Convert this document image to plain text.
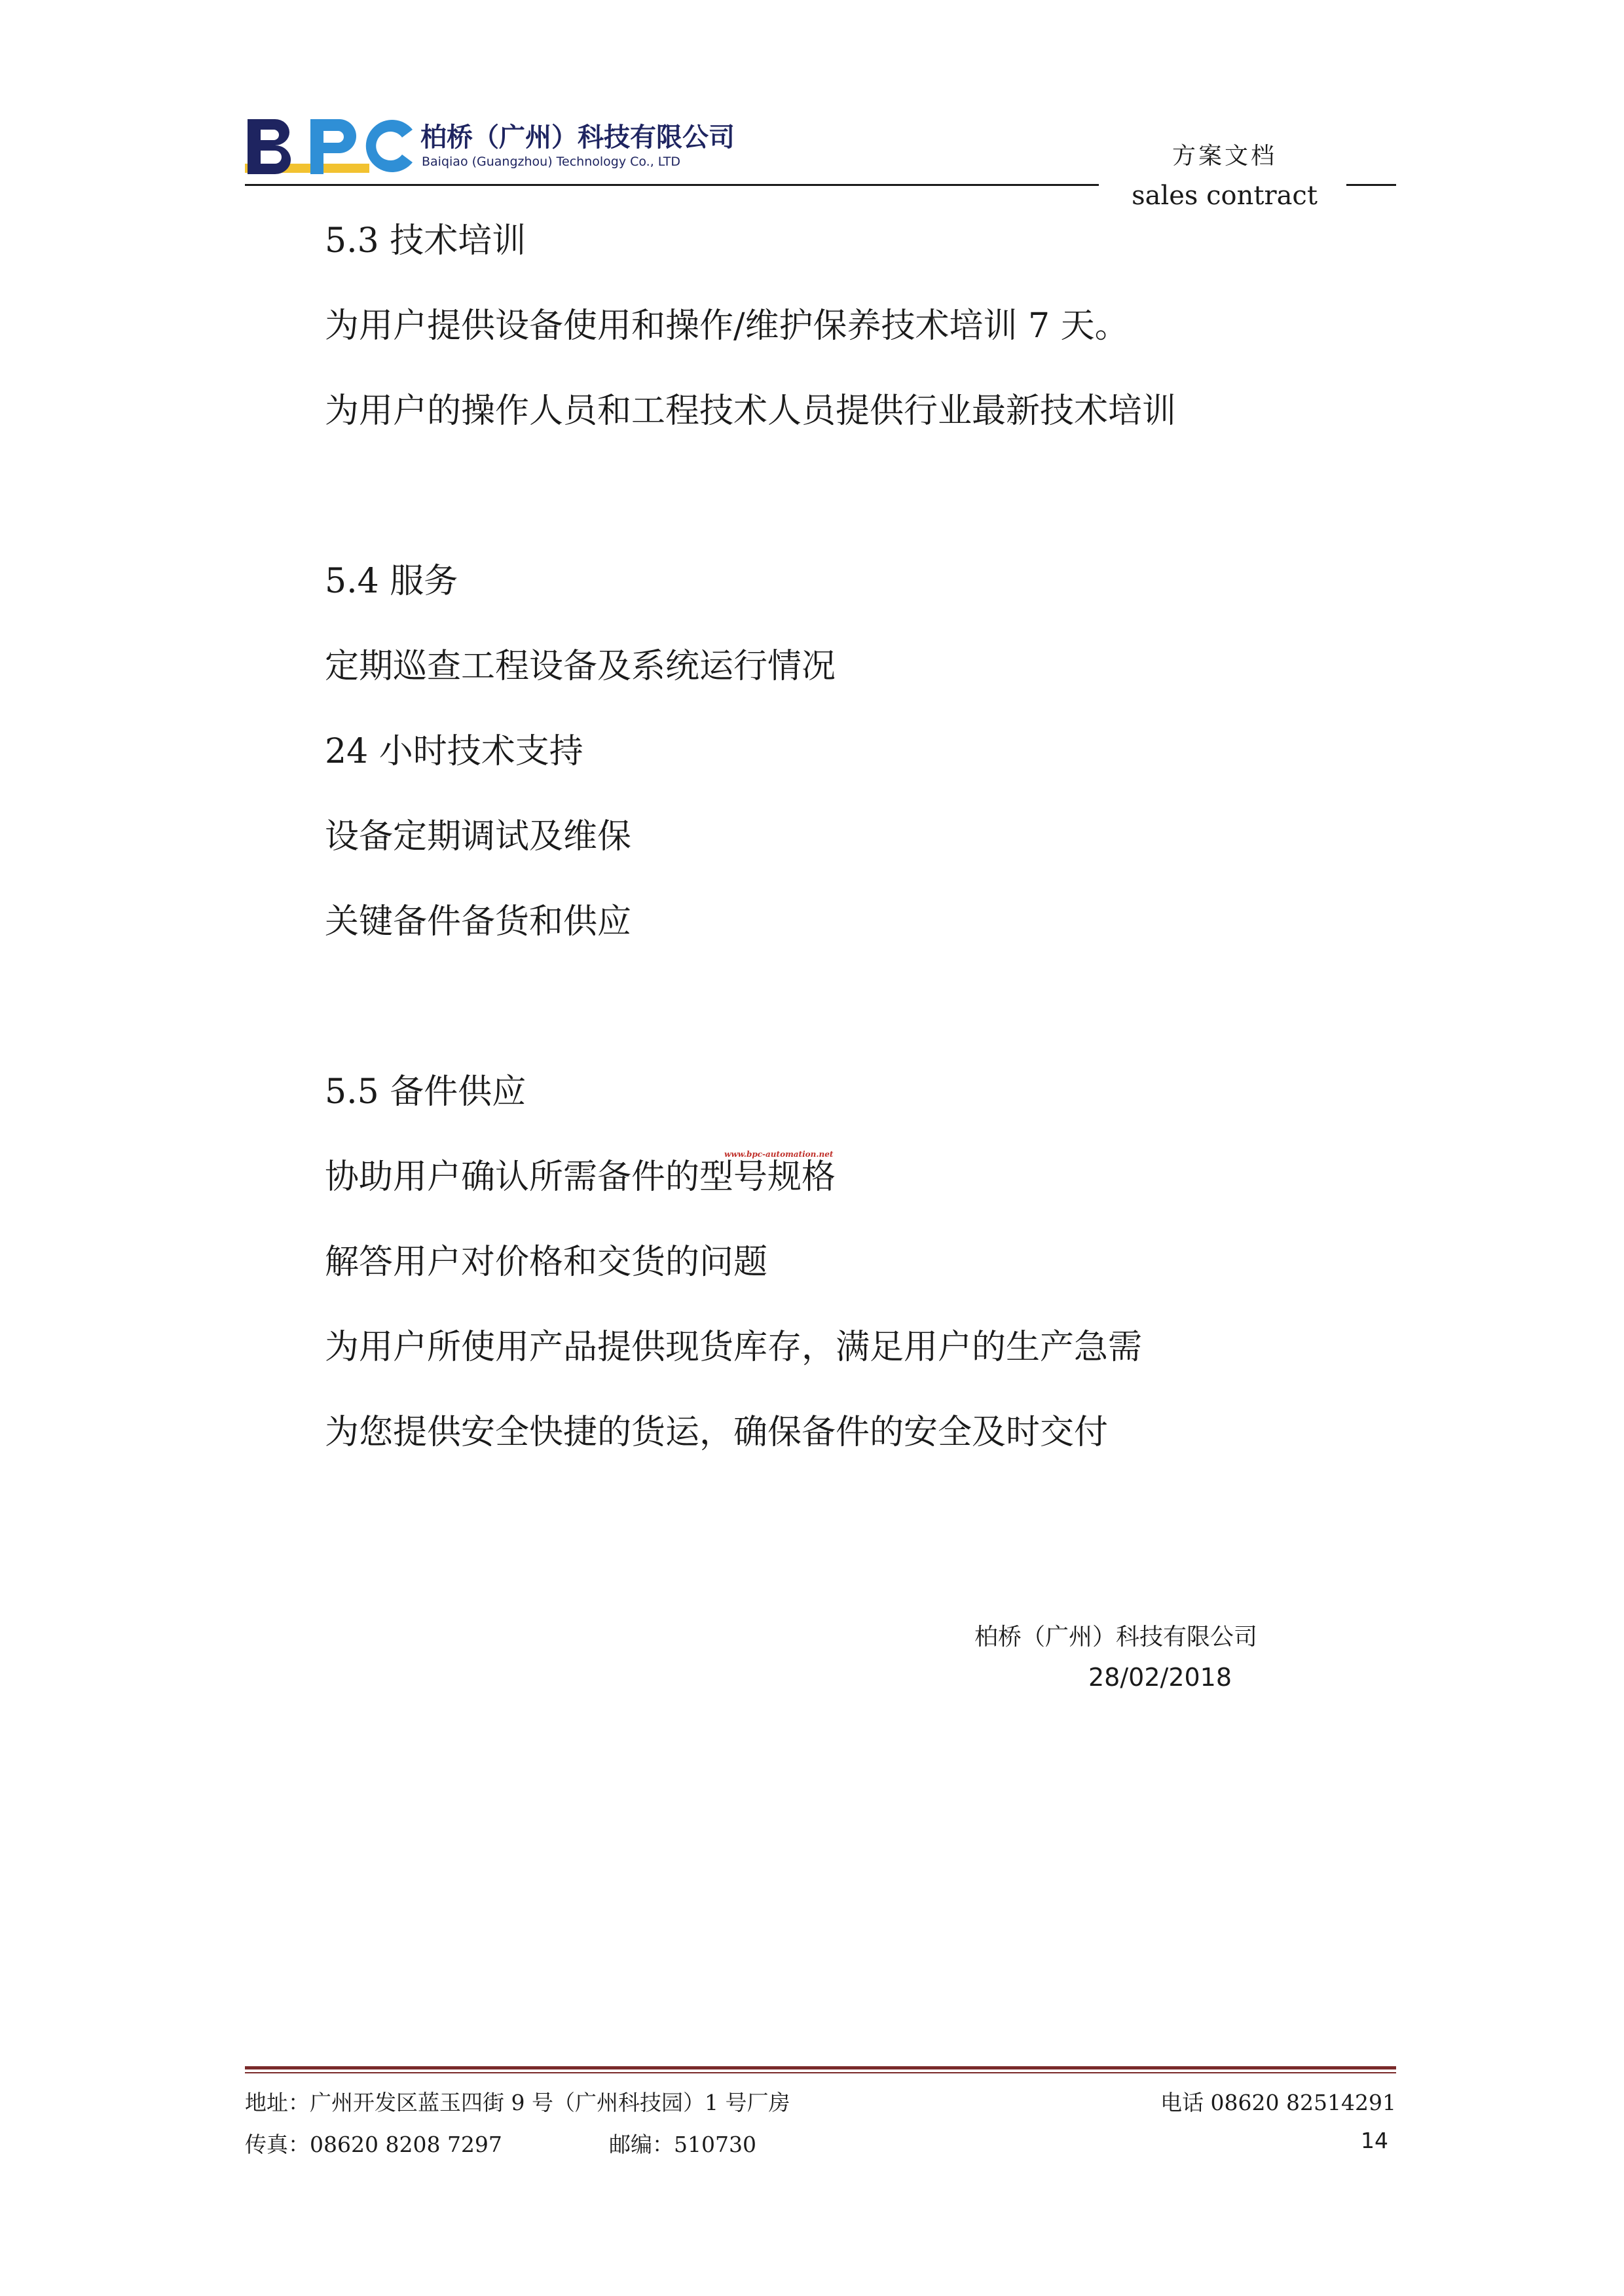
柏桥（广州）科技有限公司
Baiqiao (Guangzhou) Technology Co., LTD	方案文档
sales contract
5.3 技术培训
为用户提供设备使用和操作/维护保养技术培训 7 天。
为用户的操作人员和工程技术人员提供行业最新技术培训
5.4 服务
定期巡查工程设备及系统运行情况
24 小时技术支持
设备定期调试及维保
关键备件备货和供应
5.5 备件供应
www.bpc-automation.net
协助用户确认所需备件的型号规格
解答用户对价格和交货的问题
为用户所使用产品提供现货库存，满足用户的生产急需
为您提供安全快捷的货运，确保备件的安全及时交付
柏桥（广州）科技有限公司
28/02/2018
地址：广州开发区蓝玉四街 9 号（广州科技园）1 号厂房	电话 08620 82514291
传真：08620 8208 7297	邮编：510730	14
